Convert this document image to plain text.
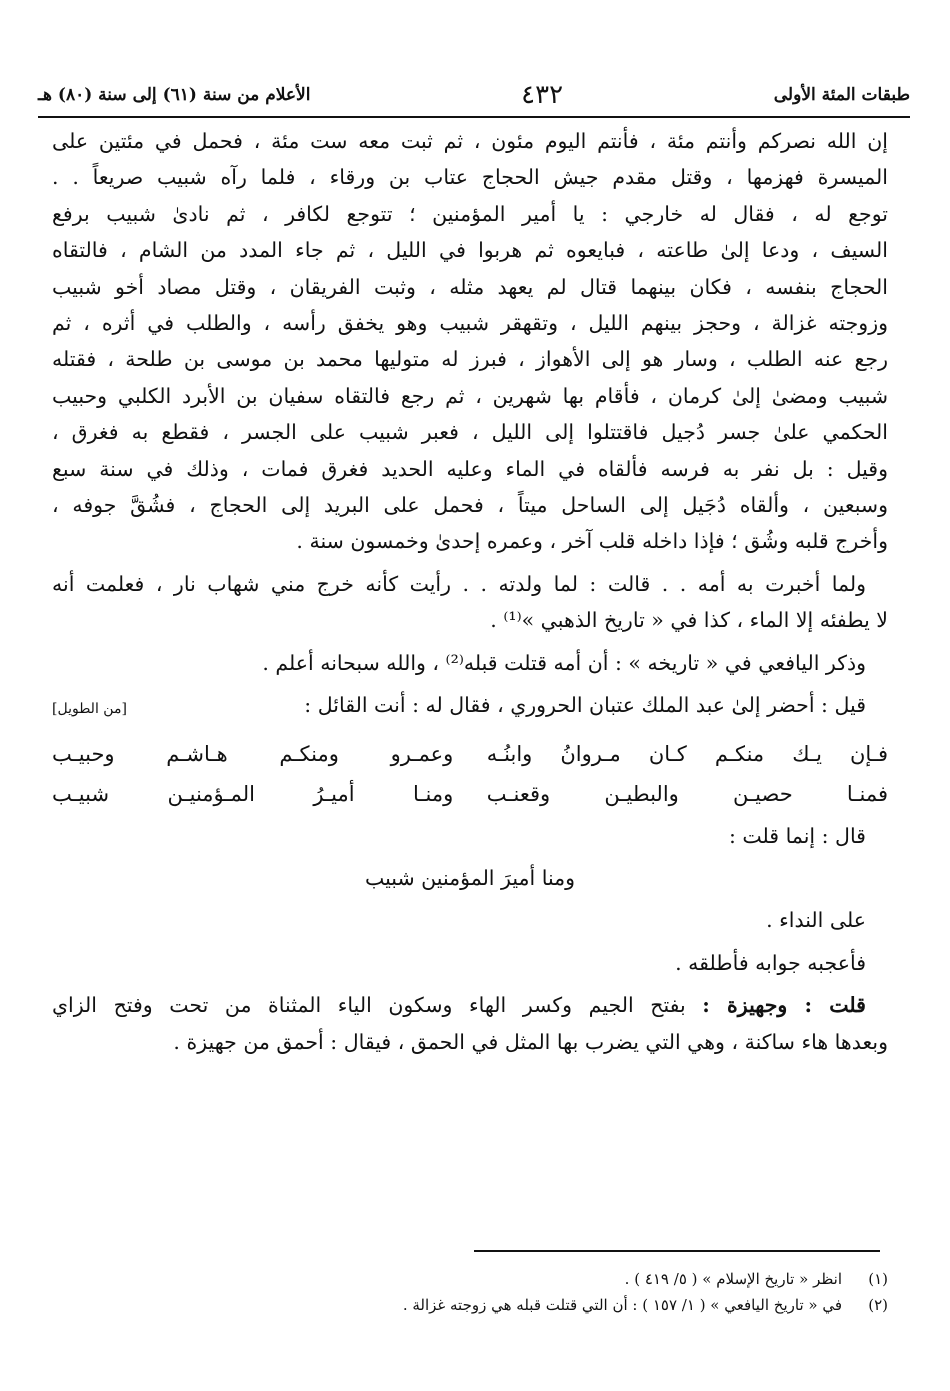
طبقات المئة الأولى
٤٣٢
الأعلام من سنة (٦١) إلى سنة (٨٠) هـ

إن الله نصركم وأنتم مئة ، فأنتم اليوم مئون ، ثم ثبت معه ست مئة ، فحمل في مئتين على
الميسرة فهزمها ، وقتل مقدم جيش الحجاج عتاب بن ورقاء ، فلما رآه شبيب صريعاً . .
توجع له ، فقال له خارجي : يا أمير المؤمنين ؛ تتوجع لكافر ، ثم نادىٰ شبيب برفع
السيف ، ودعا إلىٰ طاعته ، فبايعوه ثم هربوا في الليل ، ثم جاء المدد من الشام ، فالتقاه
الحجاج بنفسه ، فكان بينهما قتال لم يعهد مثله ، وثبت الفريقان ، وقتل مصاد أخو شبيب
وزوجته غزالة ، وحجز بينهم الليل ، وتقهقر شبيب وهو يخفق رأسه ، والطلب في أثره ، ثم
رجع عنه الطلب ، وسار هو إلى الأهواز ، فبرز له متوليها محمد بن موسى بن طلحة ، فقتله
شبيب ومضىٰ إلىٰ كرمان ، فأقام بها شهرين ، ثم رجع فالتقاه سفيان بن الأبرد الكلبي وحبيب
الحكمي علىٰ جسر دُجيل فاقتتلوا إلى الليل ، فعبر شبيب على الجسر ، فقطع به فغرق ،
وقيل : بل نفر به فرسه فألقاه في الماء وعليه الحديد فغرق فمات ، وذلك في سنة سبع
وسبعين ، وألقاه دُجَيل إلى الساحل ميتاً ، فحمل على البريد إلى الحجاج ، فشُقَّ جوفه ،
وأخرج قلبه وشُق ؛ فإذا داخله قلب آخر ، وعمره إحدىٰ وخمسون سنة .

ولما أخبرت به أمه . . قالت : لما ولدته . . رأيت كأنه خرج مني شهاب نار ، فعلمت أنه
لا يطفئه إلا الماء ، كذا في « تاريخ الذهبي »⁽¹⁾ .

وذكر اليافعي في « تاريخه » : أن أمه قتلت قبله⁽²⁾ ، والله سبحانه أعلم .

[من الطويل]	قيل : أحضر إلىٰ عبد الملك عتبان الحروري ، فقال له : أنت القائل :

فـإن يـك منكـم كـان مـروانُ وابنُـه
وعمـرو ومنكـم هـاشـم وحبيـب
فمنـا حصيـن والبطيـن وقعنـب
ومنـا أميـرُ المـؤمنيـن شبيـب

قال : إنما قلت :

ومنا أميرَ المؤمنين شبيب

على النداء .

فأعجبه جوابه فأطلقه .

قلت : وجهيزة : بفتح الجيم وكسر الهاء وسكون الياء المثناة من تحت وفتح الزاي
وبعدها هاء ساكنة ، وهي التي يضرب بها المثل في الحمق ، فيقال : أحمق من جهيزة .

(١)
انظر « تاريخ الإسلام » ( ٥/ ٤١٩ ) .
(٢)
في « تاريخ اليافعي » ( ١/ ١٥٧ ) : أن التي قتلت قبله هي زوجته غزالة .
